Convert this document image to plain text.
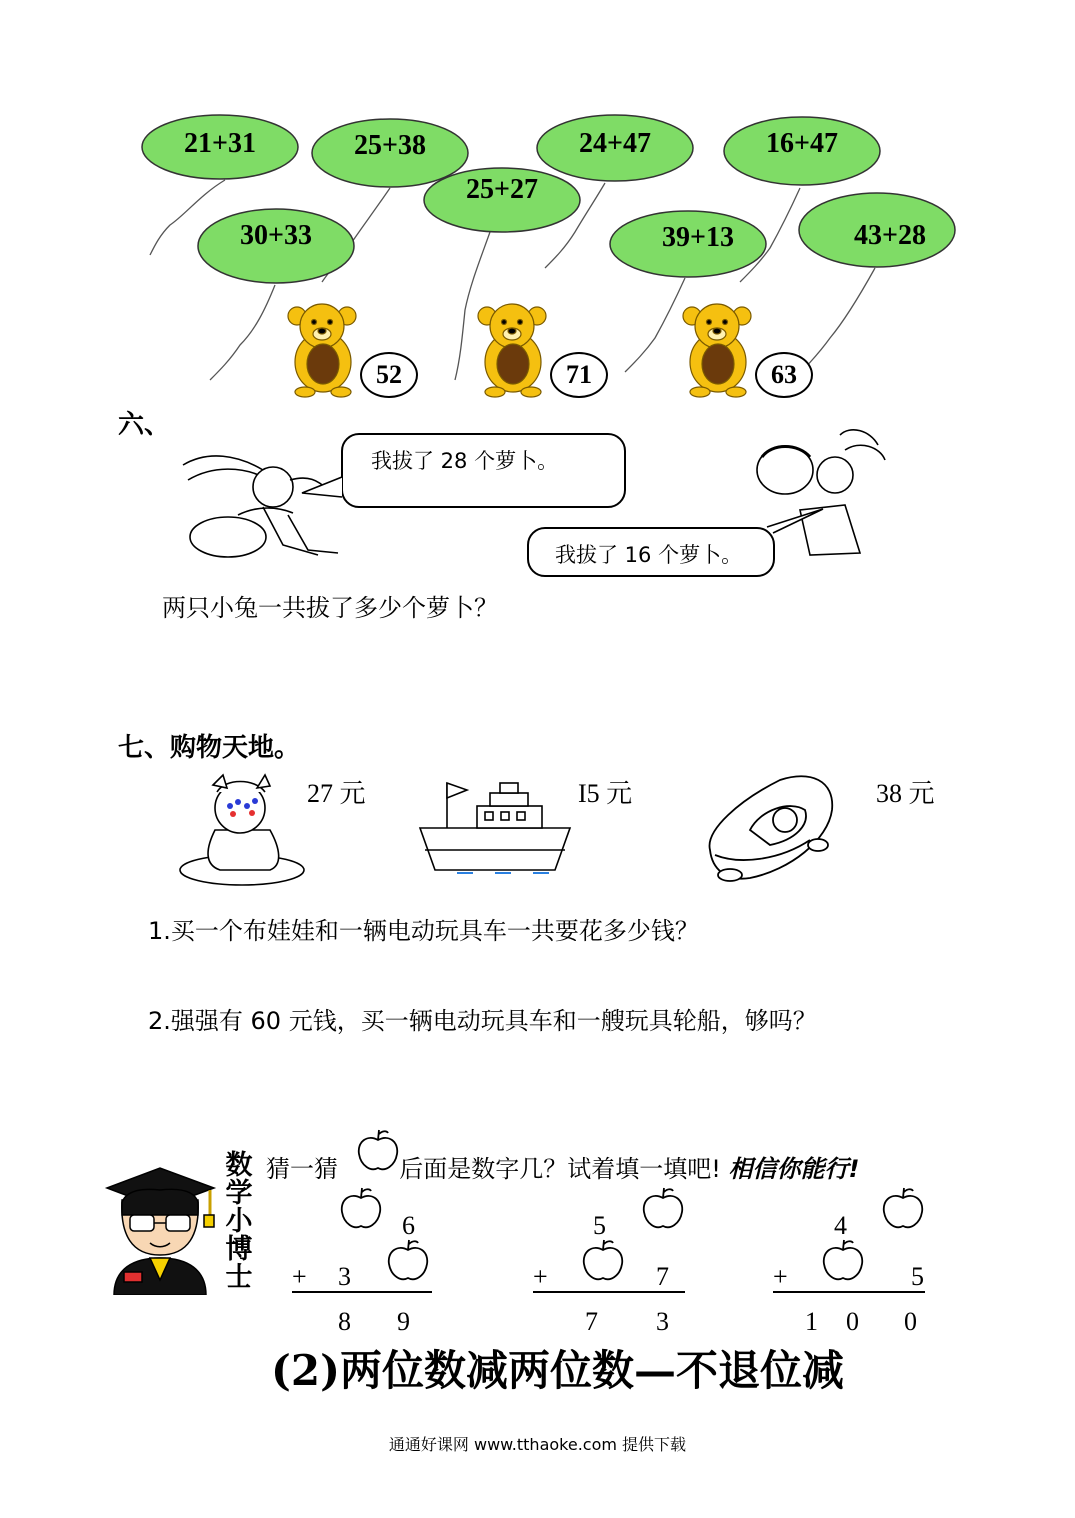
21+31	25+38	24+47	16+47
25+27
30+33	39+13	43+28
52	71	63
六、
我拔了 28 个萝卜。
我拔了 16 个萝卜。
两只小兔一共拔了多少个萝卜？
七、购物天地。
27 元	I5 元	38 元
1.买一个布娃娃和一辆电动玩具车一共要花多少钱？
2.强强有 60 元钱，买一辆电动玩具车和一艘玩具轮船，够吗？
数
学
小
博
士
猜一猜	后面是数字几？试着填一填吧! 相信你能行!
6
+ 3
8 9
5
+	7
7 3
4
+	5
1 0 0
(2)两位数减两位数—不退位减
通通好课网 www.tthaoke.com 提供下载
